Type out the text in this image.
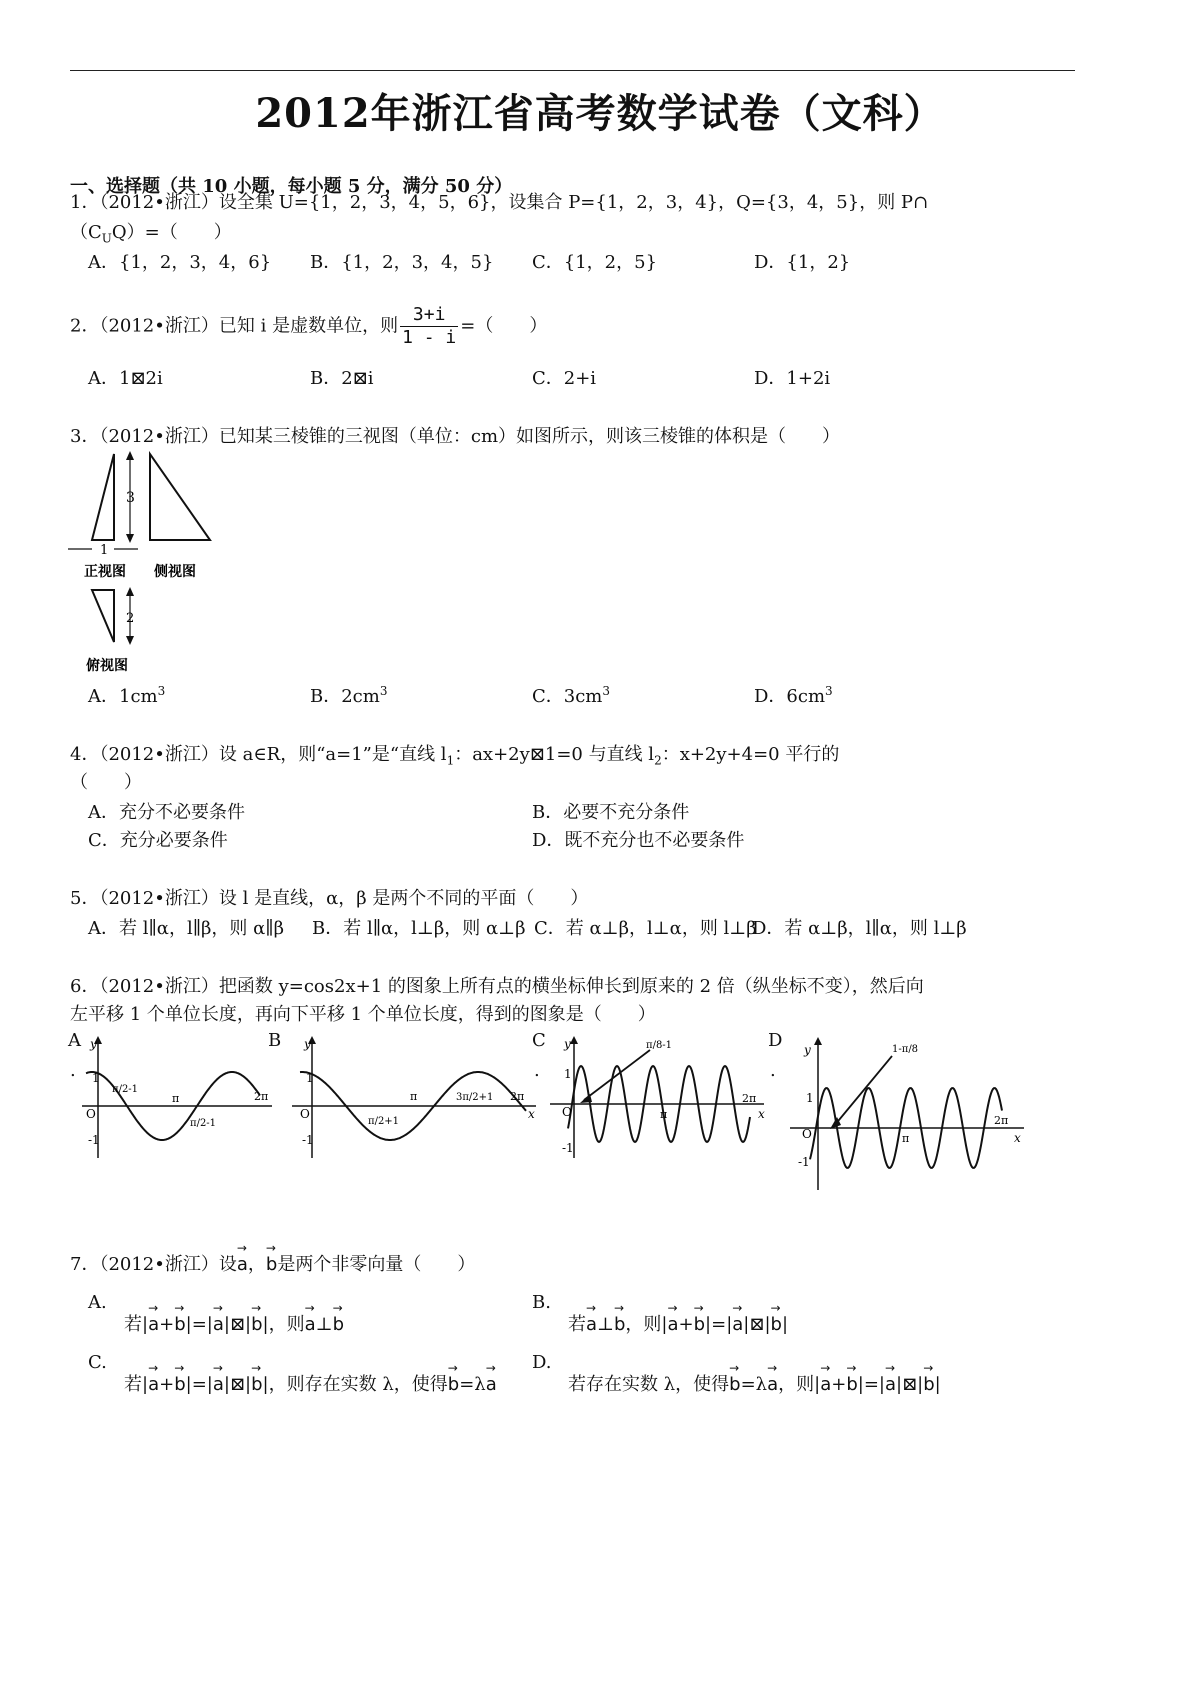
2012年浙江省高考数学试卷（文科）
一、选择题（共 10 小题，每小题 5 分，满分 50 分）
1．（2012•浙江）设全集 U={1，2，3，4，5，6}，设集合 P={1，2，3，4}，Q={3，4，5}，则 P∩
$(C_UQ)=$（　　）
A．{1，2，3，4，6} B．{1，2，3，4，5} C．{1，2，5}	D．{1，2}
2．（2012•浙江）已知 i 是虚数单位，则 $\frac{3+i}{1 - i}$ =（　　）
A．1⊠2i	B．2⊠i	C．2+i	D．1+2i
3．（2012•浙江）已知某三棱锥的三视图（单位：cm）如图所示，则该三棱锥的体积是（　　）
3
1
2
正视图 侧视图
俯视图
A．$1cm^3$	B．$2cm^3$	C．$3cm^3$	D．$6cm^3$
4．（2012•浙江）设 a∈R，则“a=1”是“直线 $l_1$：ax+2y⊠1=0 与直线 $l_2$：x+2y+4=0 平行的
（　　）
A．充分不必要条件	B．必要不充分条件
C．充分必要条件	D．既不充分也不必要条件
5．（2012•浙江）设 l 是直线，α，β 是两个不同的平面（　　）
A．若 l∥α，l∥β，则 α∥β B．若 l∥α，l⊥β，则 α⊥β C．若 α⊥β，l⊥α，则 l⊥β
D．若 α⊥β，l∥α，则 l⊥β
6．（2012•浙江）把函数 y=cos2x+1 的图象上所有点的横坐标伸长到原来的 2 倍（纵坐标不变），然后向
左平移 1 个单位长度，再向下平移 1 个单位长度，得到的图象是（　　）
A
.
y
1
O
-1
π/2-1
π
π/2-1
2π
B y
1
O
-1
π/2+1
π	3π/2+1 2π
x
C
.
y
1
O
-1
π/8-1
π
2π
x
D
.
y
1
O
-1
1-π/8
π
2π
x
7．（2012•浙江）设→ a，→ b是两个非零向量（　　）
A.
若|→ a+→ b|=|→ a|⊠|→ b|，则→ a⊥→ b
B.
若→ a⊥→ b，则|→ a+→ b|=|→ a|⊠|→ b|
C.
若|→ a+→ b|=|→ a|⊠|→ b|，则存在实数 λ，使得→ b=λ→ a
D.
若存在实数 λ，使得→ b=λ→ a，则|→ a+→ b|=|→ a|⊠|→ b|
